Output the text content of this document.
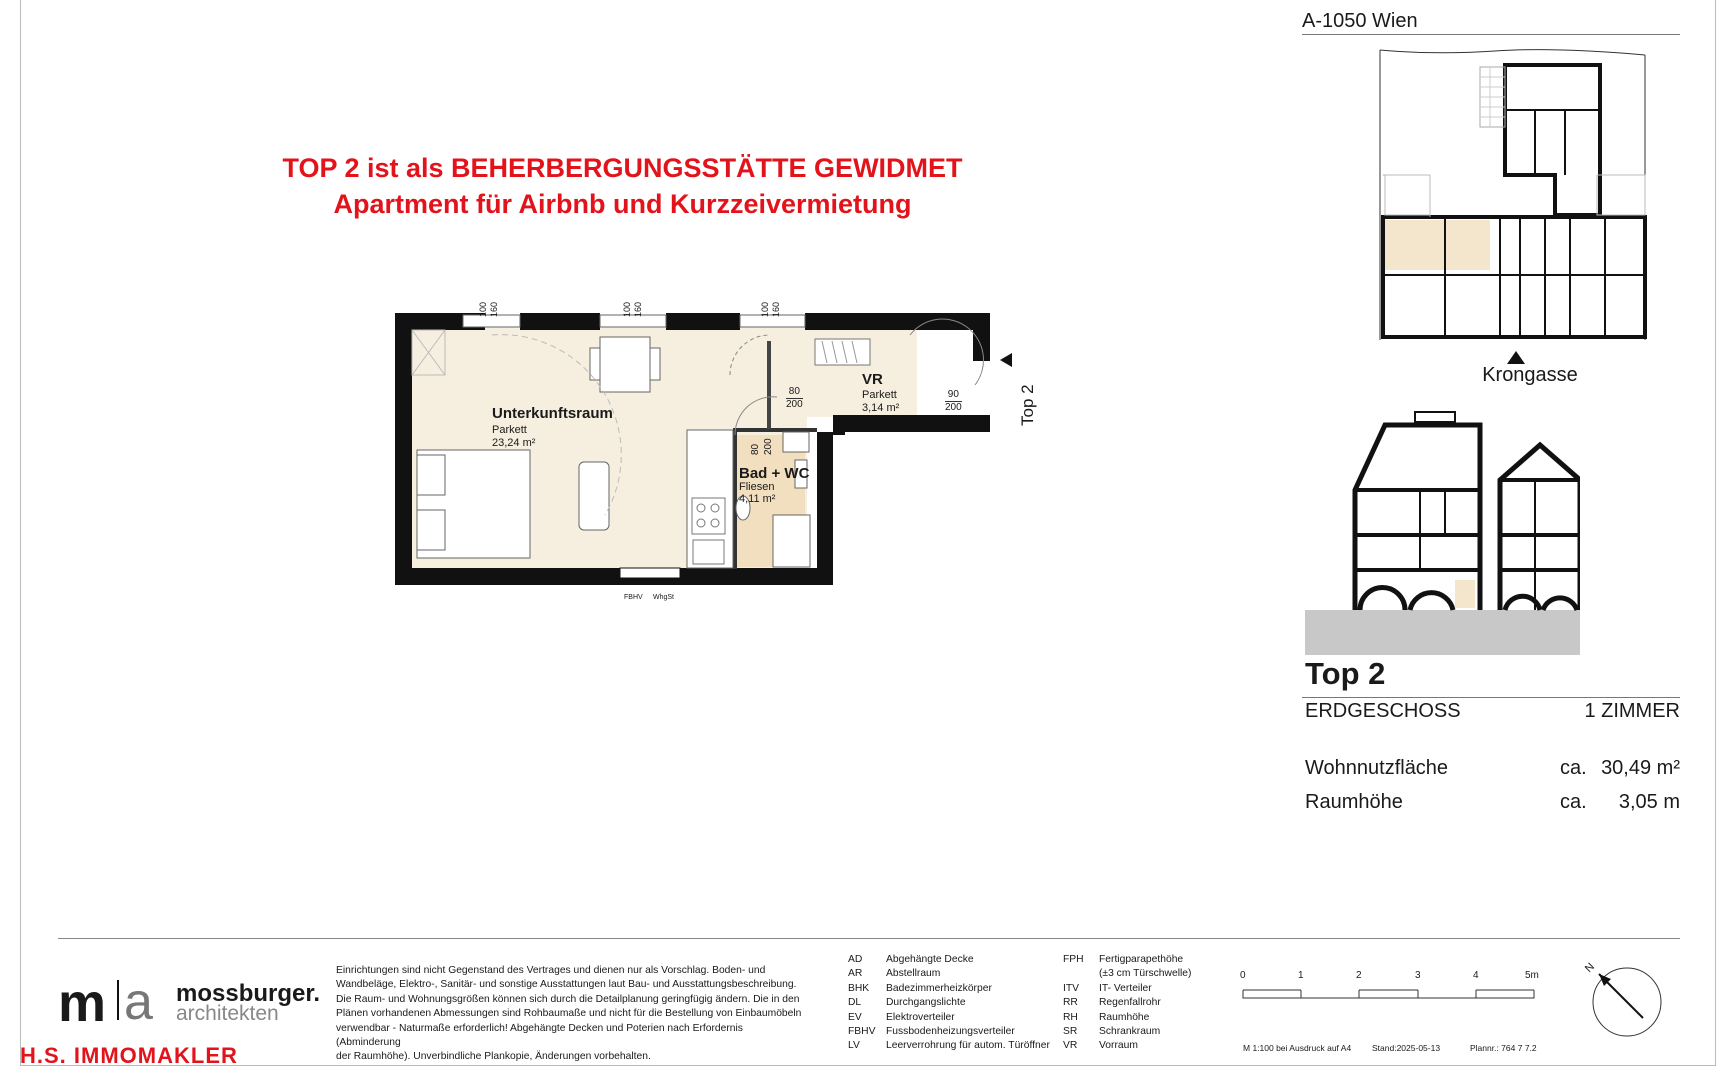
TOP 2 ist als BEHERBERGUNGSSTÄTTE GEWIDMET
Apartment für Airbnb und Kurzzeivermietung
100 160	100 160	100 160
Unterkunftsraum
Parkett
23,24 m²
VR
Parkett
3,14 m²
Bad + WC
Fliesen
4,11 m²
80
200
90
200
80 200
Top 2
FBHV WhgSt
A-1050 Wien
Krongasse
Top 2
ERDGESCHOSS	1 ZIMMER
Wohnnutzfläche	ca. 30,49 m²
Raumhöhe	ca. 3,05 m
m a mossburger.
architekten
H.S. IMMOMAKLER
Einrichtungen sind nicht Gegenstand des Vertrages und dienen nur als Vorschlag. Boden- und
Wandbeläge, Elektro-, Sanitär- und sonstige Ausstattungen laut Bau- und Ausstattungsbeschreibung.
Die Raum- und Wohnungsgrößen können sich durch die Detailplanung geringfügig ändern. Die in den
Plänen vorhandenen Abmessungen sind Rohbaumaße und nicht für die Bestellung von Einbaumöbeln
verwendbar - Naturmaße erforderlich! Abgehängte Decken und Poterien nach Erfordernis (Abminderung
der Raumhöhe). Unverbindliche Plankopie, Änderungen vorbehalten.
AD	Abgehängte Decke
AR	Abstellraum
BHK	Badezimmerheizkörper
DL	Durchgangslichte
EV	Elektroverteiler
FBHV	Fussbodenheizungsverteiler
LV	Leerverrohrung für autom. Türöffner
FPH	Fertigparapethöhe
(±3 cm Türschwelle)
ITV	IT- Verteiler
RR	Regenfallrohr
RH	Raumhöhe
SR	Schrankraum
VR	Vorraum
0	1	2	3	4	5m
M 1:100 bei Ausdruck auf A4 Stand:2025-05-13	Plannr.: 764 7 7.2
N
